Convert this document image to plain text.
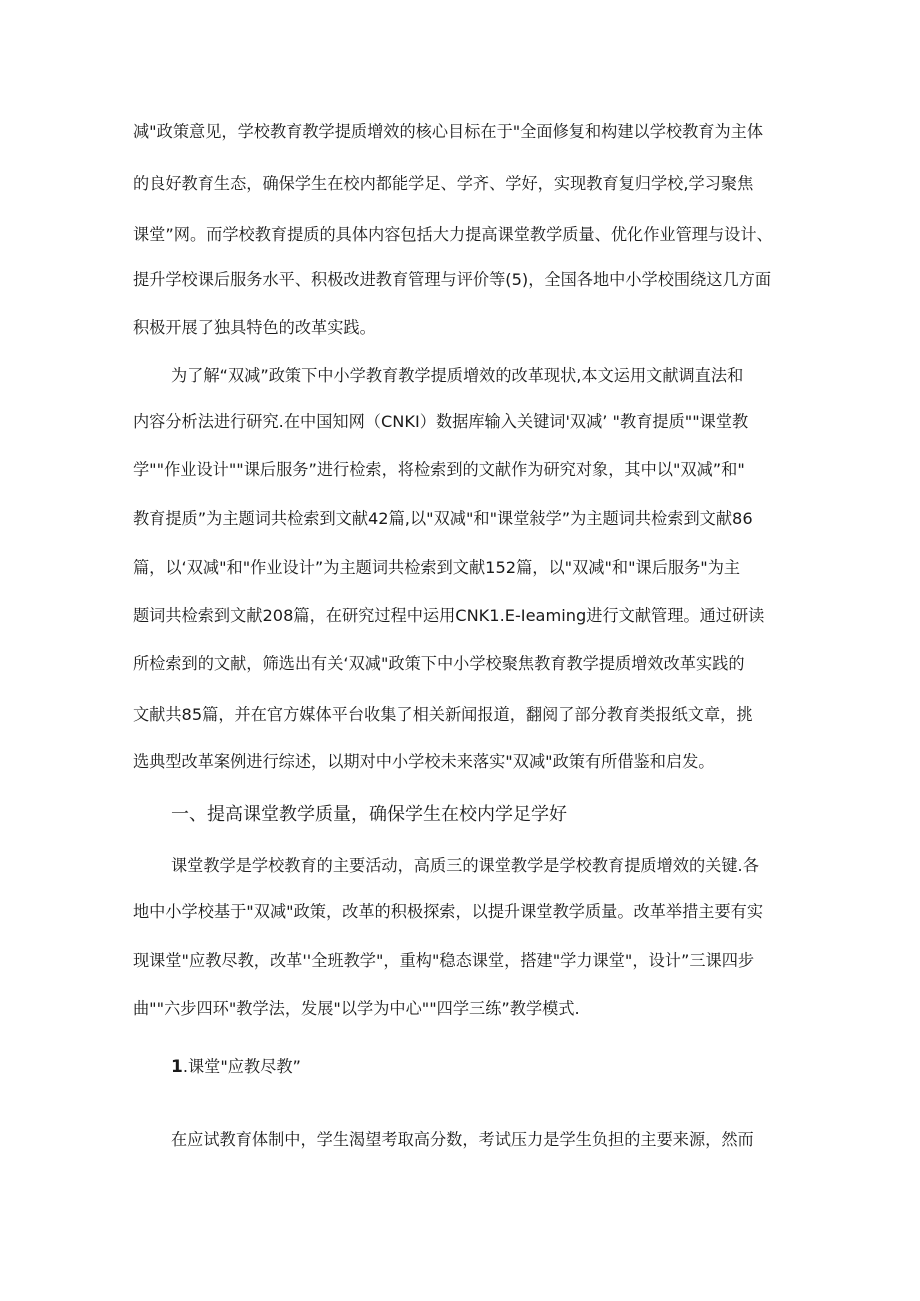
减"政策意见，学校教育教学提质增效的核心目标在于"全面修复和构建以学校教育为主体
的良好教育生态，确保学生在校内都能学足、学齐、学好，实现教育复归学校,学习聚焦
课堂”网。而学校教育提质的具体内容包括大力提高课堂教学质量、优化作业管理与设计、
提升学校课后服务水平、积极改进教育管理与评价等(5)，全国各地中小学校围绕这几方面
积极开展了独具特色的改革实践。
为了解“双减”政策下中小学教育教学提质增效的改革现状,本文运用文献调直法和
内容分析法进行研究.在中国知网（CNKI）数据库输入关键词'双减’ "教育提质""课堂教
学""作业设计""课后服务”进行检索，将检索到的文献作为研究对象，其中以"双减”和"
教育提质”为主题词共检索到文献42篇,以"双减"和"课堂敍学”为主题词共检索到文献86
篇，以‘双减"和"作业设计”为主题词共检索到文献152篇，以"双减"和"课后服务"为主
题词共检索到文献208篇，在研究过程中运用CNK1.E-Ieaming进行文献管理。通过研读
所检索到的文献，筛选出有关‘双减"政策下中小学校聚焦教育教学提质增效改革实践的
文献共85篇，并在官方媒体平台收集了相关新闻报道，翻阅了部分教育类报纸文章，挑
选典型改革案例进行综述，以期对中小学校未来落实"双减"政策有所借鉴和启发。
一、提高课堂教学质量，确保学生在校内学足学好
课堂教学是学校教育的主要活动，高质三的课堂教学是学校教育提质增效的关键.各
地中小学校基于"双减"政策，改革的积极探索，以提升课堂教学质量。改革举措主要有实
现课堂"应教尽教，改革''全班教学"，重构"稳态课堂，搭建"学力课堂"，设计”三课四步
曲""六步四环"教学法，发展"以学为中心""四学三练”教学模式.
1.课堂"应教尽教”
在应试教育体制中，学生渴望考取高分数，考试压力是学生负担的主要来源，然而
